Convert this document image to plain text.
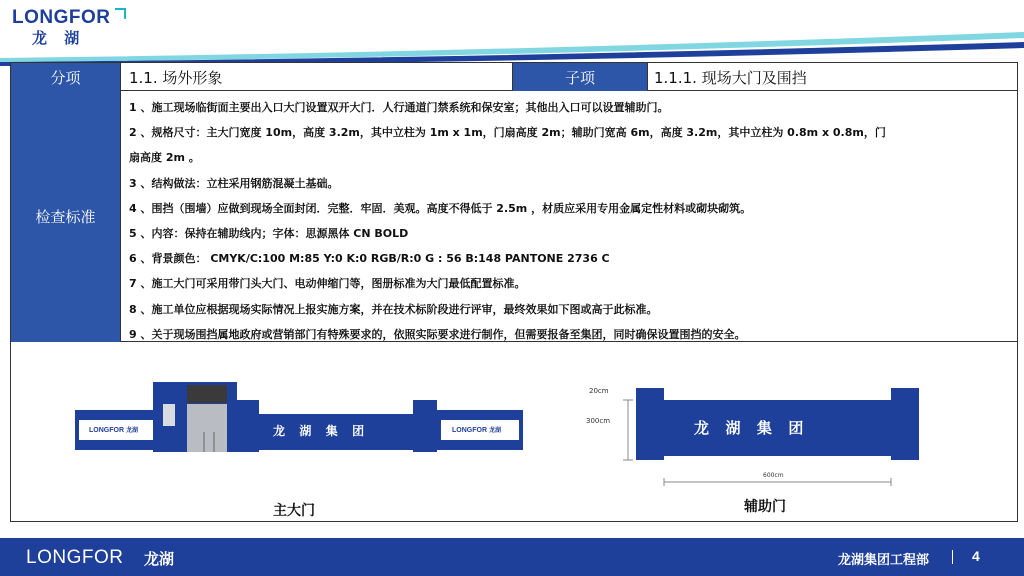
LONGFOR
龙 湖
分项	1.1. 场外形象	子项	1.1.1. 现场大门及围挡
检查标准
1 、施工现场临街面主要出入口大门设置双开大门．人行通道门禁系统和保安室；其他出入口可以设置辅助门。
2 、规格尺寸：主大门宽度 10m，高度 3.2m，其中立柱为 1m x 1m，门扇高度 2m；辅助门宽高 6m，高度 3.2m，其中立柱为 0.8m x 0.8m，门
扇高度 2m 。
3 、结构做法：立柱采用钢筋混凝土基础。
4 、围挡（围墙）应做到现场全面封闭．完整．牢固．美观。高度不得低于 2.5m ，材质应采用专用金属定性材料或砌块砌筑。
5 、内容：保持在辅助线内；字体：思源黑体 CN BOLD
6 、背景颜色： CMYK/C:100 M:85 Y:0 K:0 RGB/R:0 G : 56 B:148 PANTONE 2736 C
7 、施工大门可采用带门头大门、电动伸缩门等，图册标准为大门最低配置标准。
8 、施工单位应根据现场实际情况上报实施方案，并在技术标阶段进行评审，最终效果如下图或高于此标准。
9 、关于现场围挡属地政府或营销部门有特殊要求的，依照实际要求进行制作，但需要报备至集团，同时确保设置围挡的安全。
LONGFOR 龙湖	LONGFOR 龙湖
龙  湖  集  团
主大门
龙  湖  集  团
20cm
300cm
600cm
辅助门
LONGFOR 龙湖	龙湖集团工程部	4
